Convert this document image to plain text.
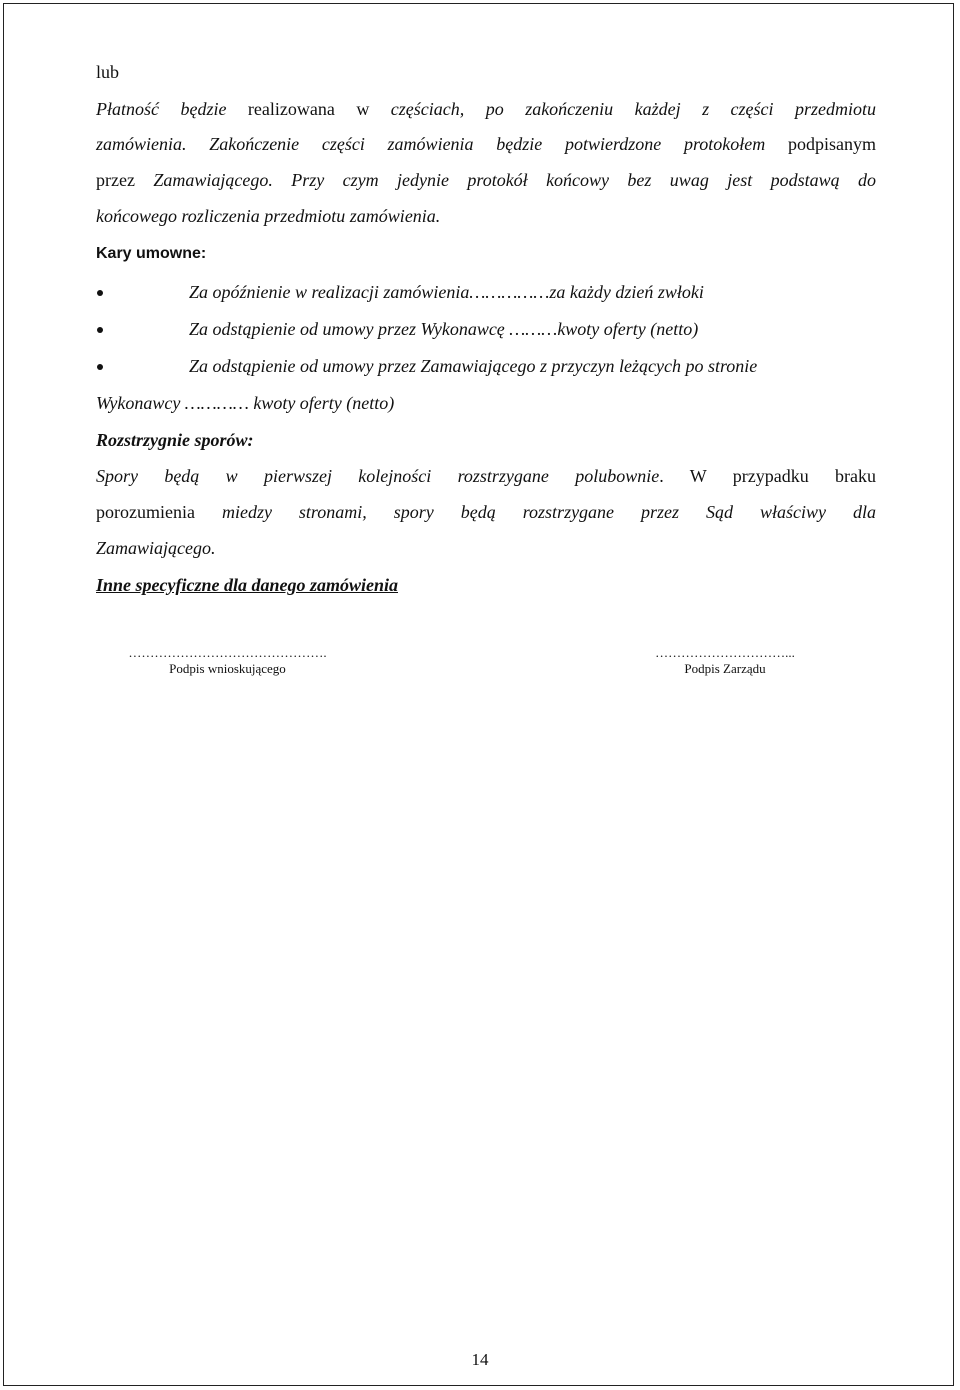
lub
Płatność będzie realizowana w częściach, po zakończeniu każdej z części przedmiotu
zamówienia. Zakończenie części zamówienia będzie potwierdzone protokołem podpisanym
przez Zamawiającego. Przy czym jedynie protokół końcowy bez uwag jest podstawą do
końcowego rozliczenia przedmiotu zamówienia.
Kary umowne:
Za opóźnienie w realizacji zamówienia……………za każdy dzień zwłoki
Za odstąpienie od umowy przez Wykonawcę ………kwoty oferty (netto)
Za odstąpienie od umowy przez Zamawiającego z przyczyn leżących po stronie
Wykonawcy ………… kwoty oferty (netto)
Rozstrzygnie sporów:
Spory będą w pierwszej kolejności rozstrzygane polubownie. W przypadku braku
porozumienia miedzy stronami, spory będą rozstrzygane przez Sąd właściwy dla
Zamawiającego.
Inne specyficzne dla danego zamówienia
……………………………………….
Podpis wnioskującego
…………………………...
Podpis Zarządu
14
